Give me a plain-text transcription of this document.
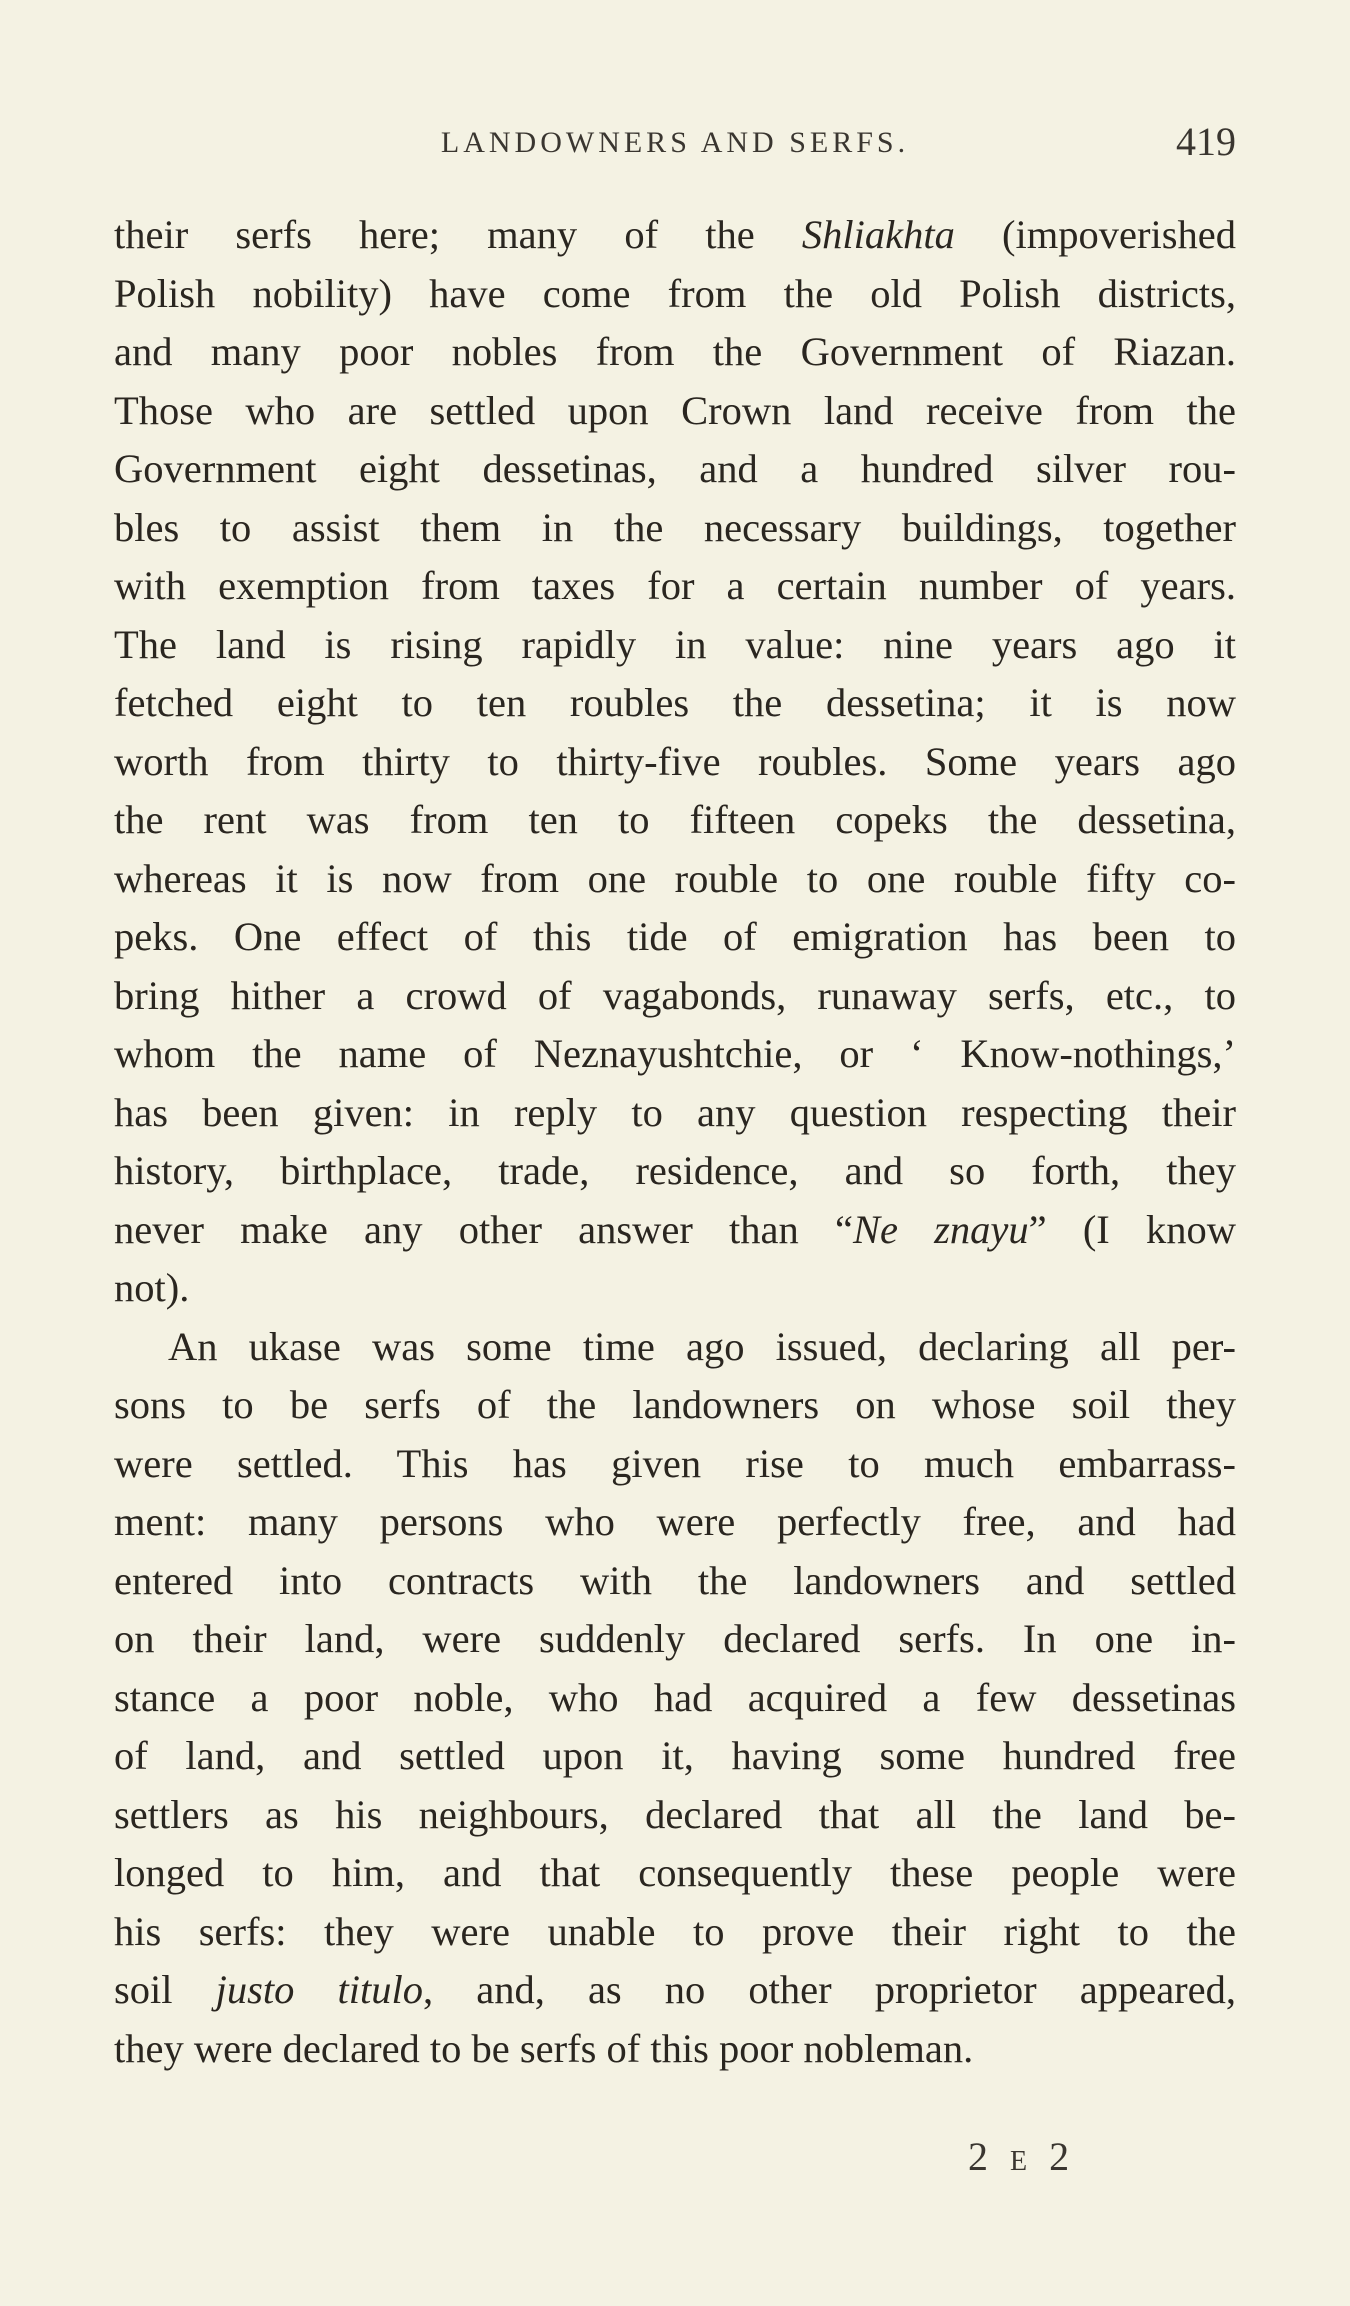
LANDOWNERS AND SERFS.	419
their serfs here; many of the Shliakhta (impoverished
Polish nobility) have come from the old Polish districts,
and many poor nobles from the Government of Riazan.
Those who are settled upon Crown land receive from the
Government eight dessetinas, and a hundred silver rou-
bles to assist them in the necessary buildings, together
with exemption from taxes for a certain number of years.
The land is rising rapidly in value: nine years ago it
fetched eight to ten roubles the dessetina; it is now
worth from thirty to thirty-five roubles. Some years ago
the rent was from ten to fifteen copeks the dessetina,
whereas it is now from one rouble to one rouble fifty co-
peks. One effect of this tide of emigration has been to
bring hither a crowd of vagabonds, runaway serfs, etc., to
whom the name of Neznayushtchie, or ‘ Know-nothings,’
has been given: in reply to any question respecting their
history, birthplace, trade, residence, and so forth, they
never make any other answer than “Ne znayu” (I know
not).
An ukase was some time ago issued, declaring all per-
sons to be serfs of the landowners on whose soil they
were settled. This has given rise to much embarrass-
ment: many persons who were perfectly free, and had
entered into contracts with the landowners and settled
on their land, were suddenly declared serfs. In one in-
stance a poor noble, who had acquired a few dessetinas
of land, and settled upon it, having some hundred free
settlers as his neighbours, declared that all the land be-
longed to him, and that consequently these people were
his serfs: they were unable to prove their right to the
soil justo titulo, and, as no other proprietor appeared,
they were declared to be serfs of this poor nobleman.
2 E 2
